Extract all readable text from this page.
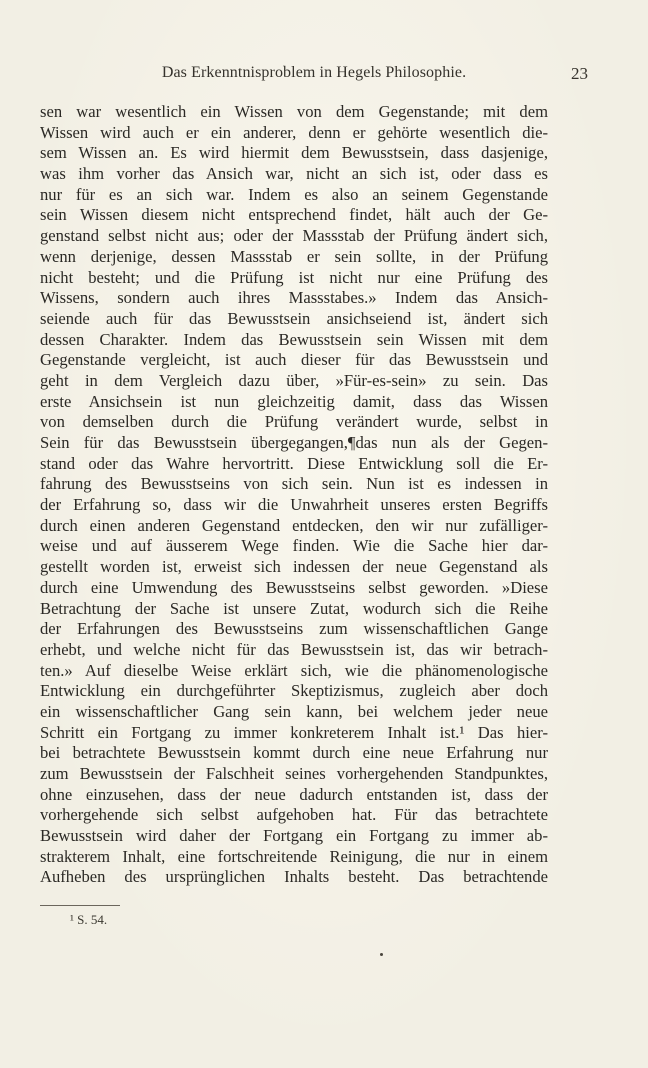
Das Erkenntnisproblem in Hegels Philosophie.	23
sen war wesentlich ein Wissen von dem Gegenstande; mit dem
Wissen wird auch er ein anderer, denn er gehörte wesentlich die-
sem Wissen an. Es wird hiermit dem Bewusstsein, dass dasjenige,
was ihm vorher das Ansich war, nicht an sich ist, oder dass es
nur für es an sich war. Indem es also an seinem Gegenstande
sein Wissen diesem nicht entsprechend findet, hält auch der Ge-
genstand selbst nicht aus; oder der Massstab der Prüfung ändert sich,
wenn derjenige, dessen Massstab er sein sollte, in der Prüfung
nicht besteht; und die Prüfung ist nicht nur eine Prüfung des
Wissens, sondern auch ihres Massstabes.» Indem das Ansich-
seiende auch für das Bewusstsein ansichseiend ist, ändert sich
dessen Charakter. Indem das Bewusstsein sein Wissen mit dem
Gegenstande vergleicht, ist auch dieser für das Bewusstsein und
geht in dem Vergleich dazu über, »Für-es-sein» zu sein. Das
erste Ansichsein ist nun gleichzeitig damit, dass das Wissen
von demselben durch die Prüfung verändert wurde, selbst in
Sein für das Bewusstsein übergegangen,¶das nun als der Gegen-
stand oder das Wahre hervortritt. Diese Entwicklung soll die Er-
fahrung des Bewusstseins von sich sein. Nun ist es indessen in
der Erfahrung so, dass wir die Unwahrheit unseres ersten Begriffs
durch einen anderen Gegenstand entdecken, den wir nur zufälliger-
weise und auf äusserem Wege finden. Wie die Sache hier dar-
gestellt worden ist, erweist sich indessen der neue Gegenstand als
durch eine Umwendung des Bewusstseins selbst geworden. »Diese
Betrachtung der Sache ist unsere Zutat, wodurch sich die Reihe
der Erfahrungen des Bewusstseins zum wissenschaftlichen Gange
erhebt, und welche nicht für das Bewusstsein ist, das wir betrach-
ten.» Auf dieselbe Weise erklärt sich, wie die phänomenologische
Entwicklung ein durchgeführter Skeptizismus, zugleich aber doch
ein wissenschaftlicher Gang sein kann, bei welchem jeder neue
Schritt ein Fortgang zu immer konkreterem Inhalt ist.¹ Das hier-
bei betrachtete Bewusstsein kommt durch eine neue Erfahrung nur
zum Bewusstsein der Falschheit seines vorhergehenden Standpunktes,
ohne einzusehen, dass der neue dadurch entstanden ist, dass der
vorhergehende sich selbst aufgehoben hat. Für das betrachtete
Bewusstsein wird daher der Fortgang ein Fortgang zu immer ab-
strakterem Inhalt, eine fortschreitende Reinigung, die nur in einem
Aufheben des ursprünglichen Inhalts besteht. Das betrachtende
¹ S. 54.
